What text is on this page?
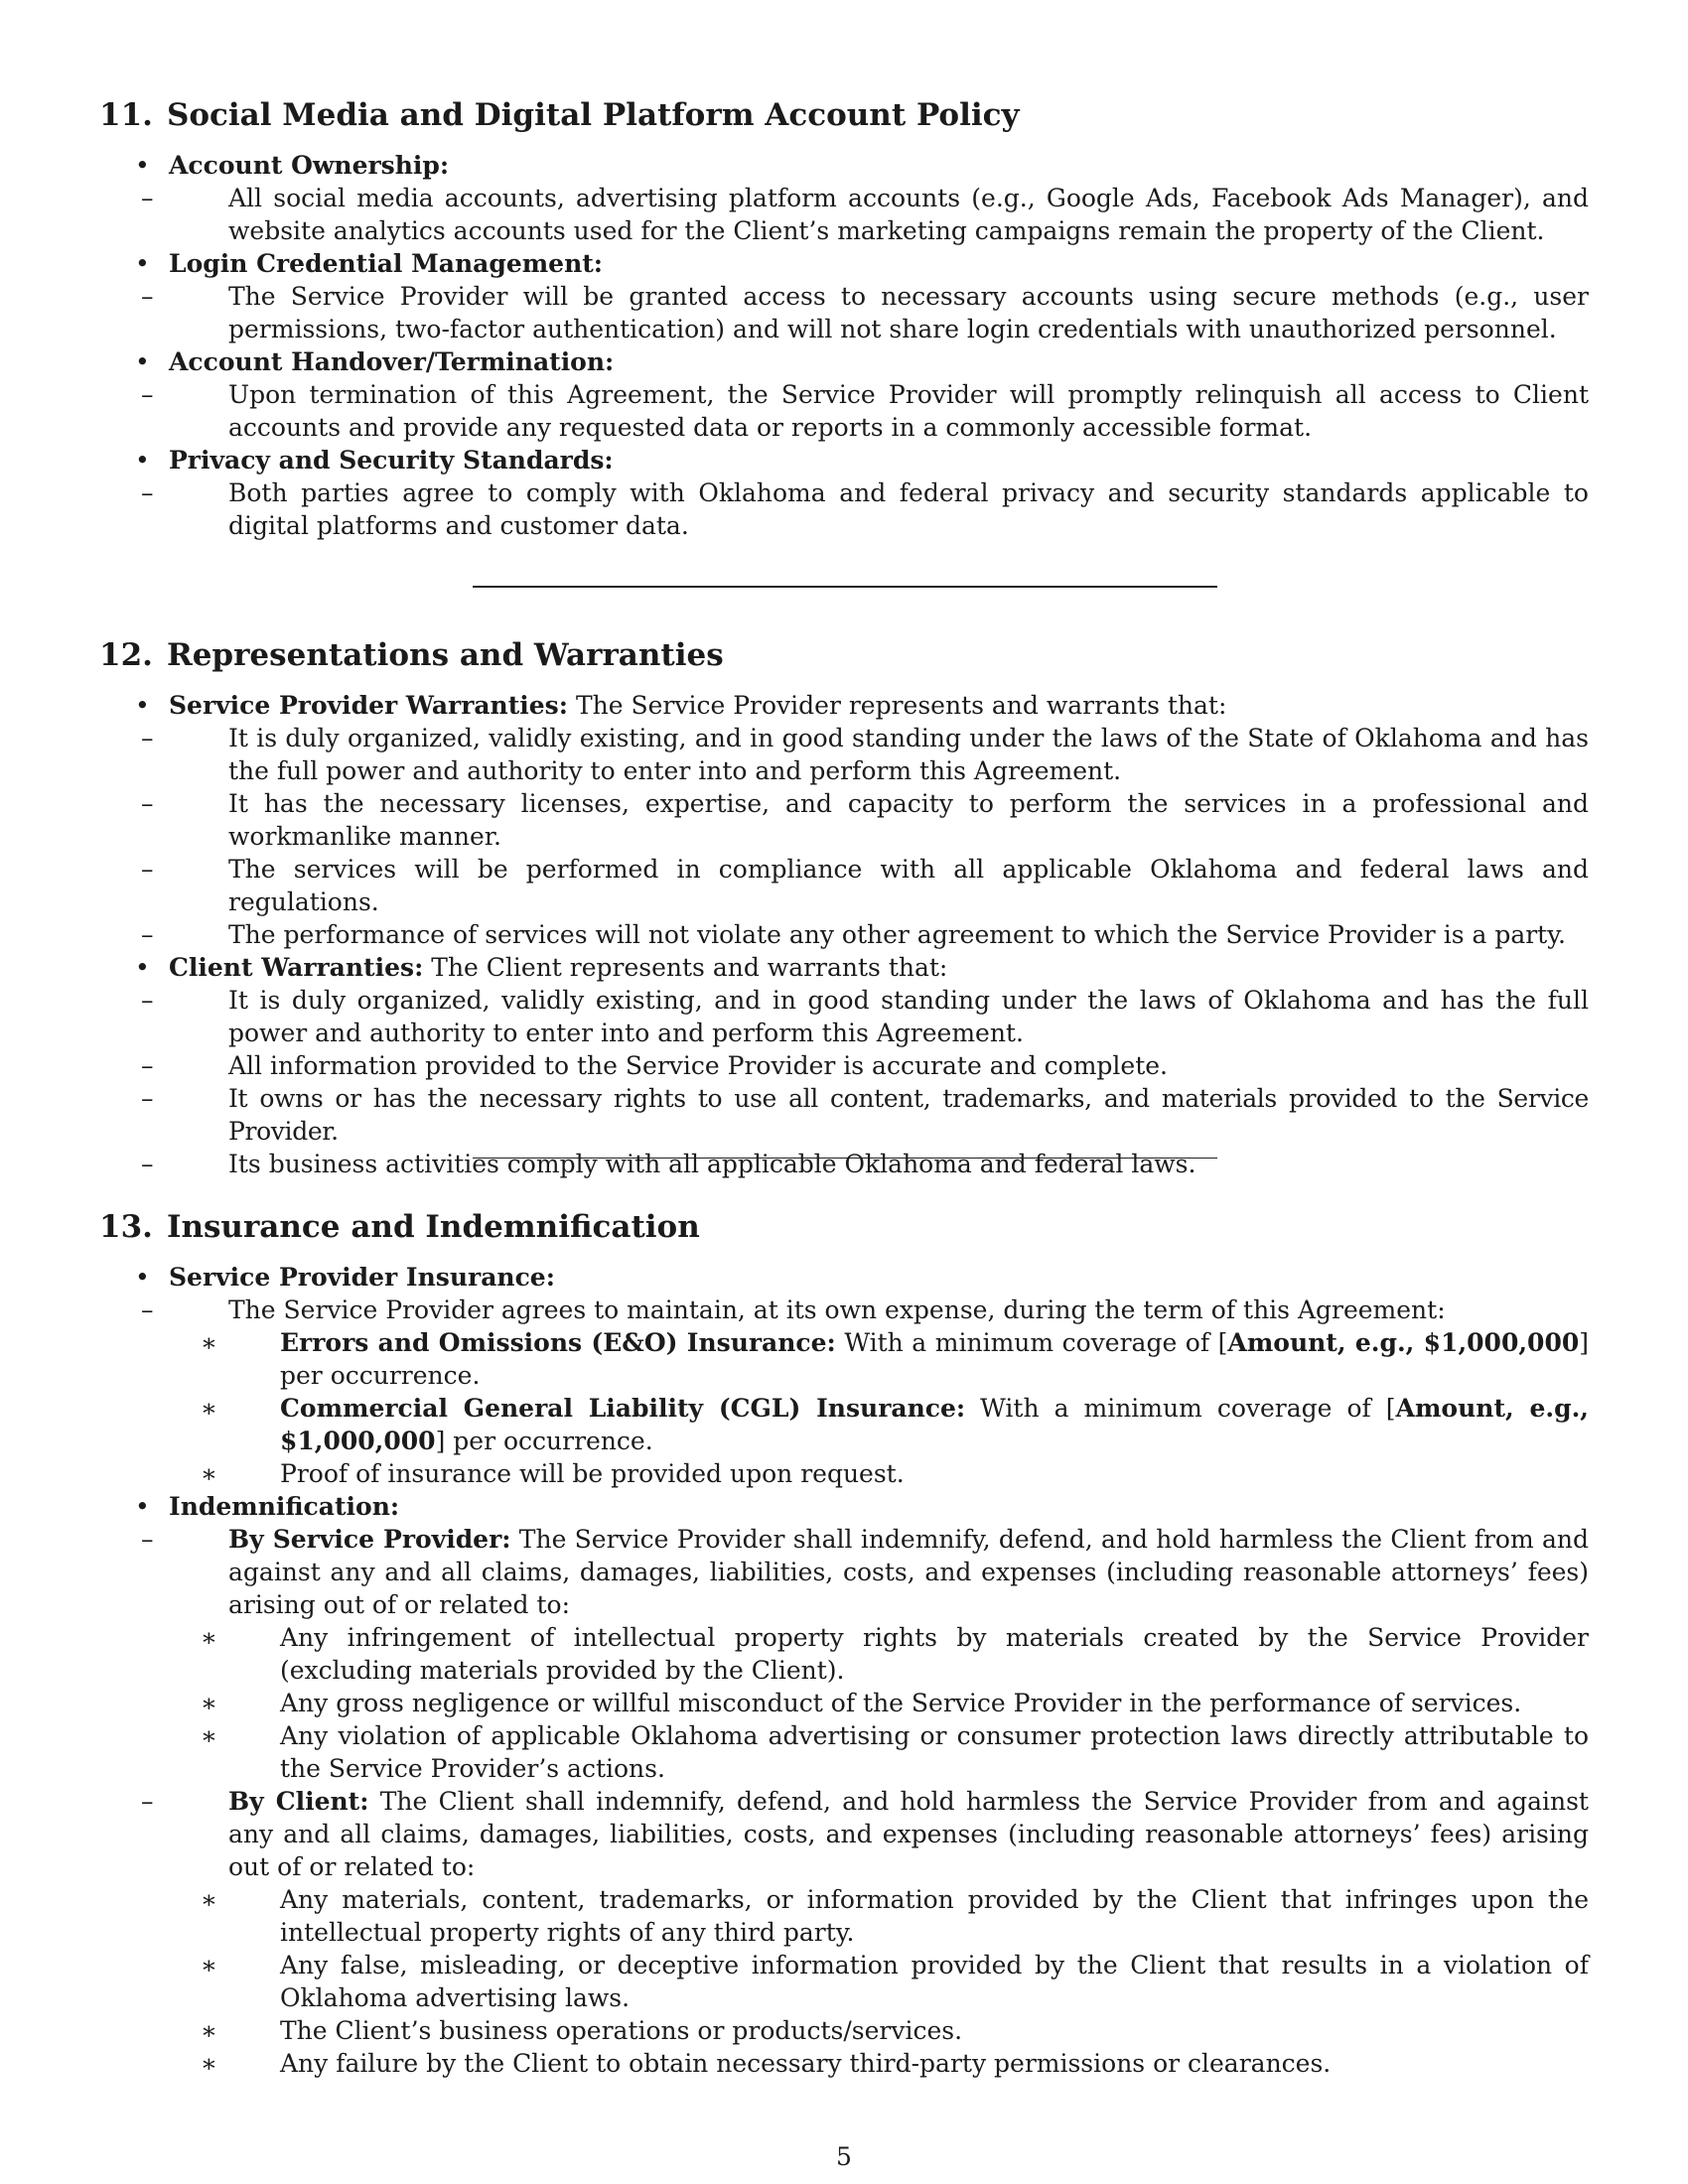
11. Social Media and Digital Platform Account Policy
• Account Ownership:
–	All social media accounts, advertising platform accounts (e.g., Google Ads, Facebook Ads Manager), and website analytics accounts used for the Client’s marketing campaigns remain the property of the Client.
• Login Credential Management:
–	The Service Provider will be granted access to necessary accounts using secure methods (e.g., user permissions, two-factor authentication) and will not share login credentials with unauthorized personnel.
• Account Handover/Termination:
–	Upon termination of this Agreement, the Service Provider will promptly relinquish all access to Client accounts and provide any requested data or reports in a commonly accessible format.
• Privacy and Security Standards:
–	Both parties agree to comply with Oklahoma and federal privacy and security standards applicable to digital platforms and customer data.
12. Representations and Warranties
• Service Provider Warranties: The Service Provider represents and warrants that:
–	It is duly organized, validly existing, and in good standing under the laws of the State of Oklahoma and has the full power and authority to enter into and perform this Agreement.
–	It has the necessary licenses, expertise, and capacity to perform the services in a professional and workmanlike manner.
–	The services will be performed in compliance with all applicable Oklahoma and federal laws and regulations.
–	The performance of services will not violate any other agreement to which the Service Provider is a party.
• Client Warranties: The Client represents and warrants that:
–	It is duly organized, validly existing, and in good standing under the laws of Oklahoma and has the full power and authority to enter into and perform this Agreement.
–	All information provided to the Service Provider is accurate and complete.
–	It owns or has the necessary rights to use all content, trademarks, and materials provided to the Service Provider.
–	Its business activities comply with all applicable Oklahoma and federal laws.
13. Insurance and Indemnification
• Service Provider Insurance:
–	The Service Provider agrees to maintain, at its own expense, during the term of this Agreement:
∗	Errors and Omissions (E&O) Insurance: With a minimum coverage of [Amount, e.g., $1,000,000] per occurrence.
∗	Commercial General Liability (CGL) Insurance: With a minimum coverage of [Amount, e.g., $1,000,000] per occurrence.
∗	Proof of insurance will be provided upon request.
• Indemnification:
–	By Service Provider: The Service Provider shall indemnify, defend, and hold harmless the Client from and against any and all claims, damages, liabilities, costs, and expenses (including reasonable attorneys’ fees) arising out of or related to:
∗	Any infringement of intellectual property rights by materials created by the Service Provider (excluding materials provided by the Client).
∗	Any gross negligence or willful misconduct of the Service Provider in the performance of services.
∗	Any violation of applicable Oklahoma advertising or consumer protection laws directly attributable to the Service Provider’s actions.
–	By Client: The Client shall indemnify, defend, and hold harmless the Service Provider from and against any and all claims, damages, liabilities, costs, and expenses (including reasonable attorneys’ fees) arising out of or related to:
∗	Any materials, content, trademarks, or information provided by the Client that infringes upon the intellectual property rights of any third party.
∗	Any false, misleading, or deceptive information provided by the Client that results in a violation of Oklahoma advertising laws.
∗	The Client’s business operations or products/services.
∗	Any failure by the Client to obtain necessary third-party permissions or clearances.
5
